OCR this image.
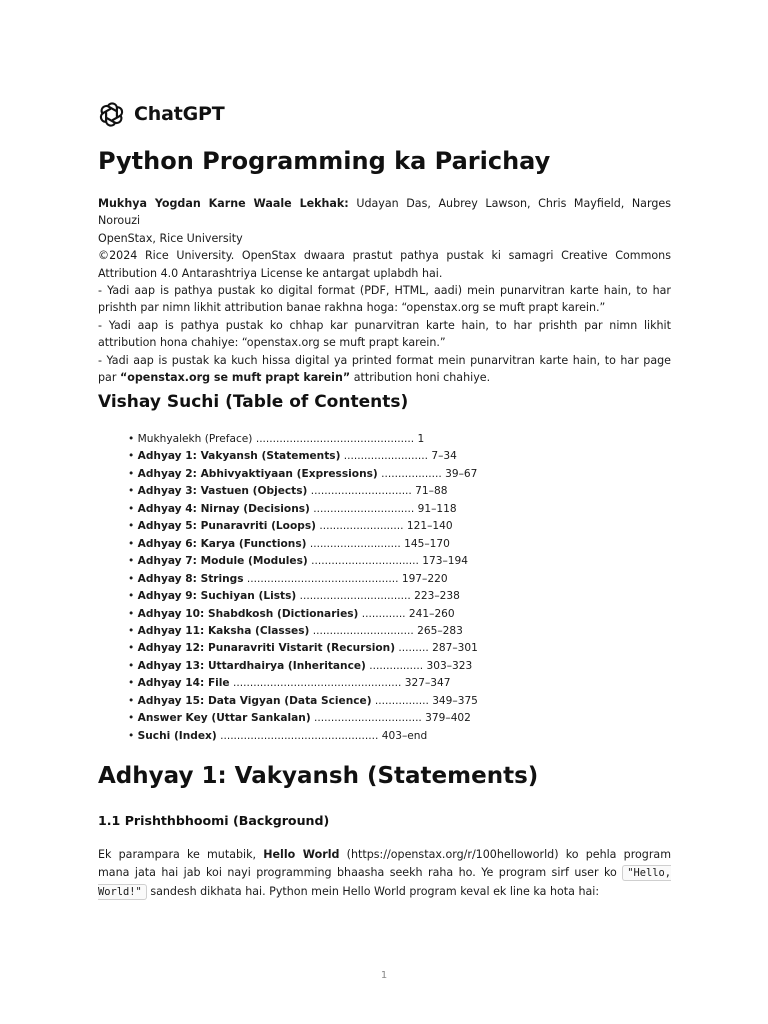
ChatGPT
Python Programming ka Parichay

Mukhya Yogdan Karne Waale Lekhak: Udayan Das, Aubrey Lawson, Chris Mayfield, Narges Norouzi

OpenStax, Rice University

©2024 Rice University. OpenStax dwaara prastut pathya pustak ki samagri Creative Commons Attribution 4.0 Antarashtriya License ke antargat uplabdh hai.

- Yadi aap is pathya pustak ko digital format (PDF, HTML, aadi) mein punarvitran karte hain, to har prishth par nimn likhit attribution banae rakhna hoga: “openstax.org se muft prapt karein.”

- Yadi aap is pathya pustak ko chhap kar punarvitran karte hain, to har prishth par nimn likhit attribution hona chahiye: “openstax.org se muft prapt karein.”

- Yadi aap is pustak ka kuch hissa digital ya printed format mein punarvitran karte hain, to har page par “openstax.org se muft prapt karein” attribution honi chahiye.

Vishay Suchi (Table of Contents)
• Mukhyalekh (Preface) ............................................... 1
• Adhyay 1: Vakyansh (Statements) ......................... 7–34
• Adhyay 2: Abhivyaktiyaan (Expressions) .................. 39–67
• Adhyay 3: Vastuen (Objects) .............................. 71–88
• Adhyay 4: Nirnay (Decisions) .............................. 91–118
• Adhyay 5: Punaravriti (Loops) ......................... 121–140
• Adhyay 6: Karya (Functions) ........................... 145–170
• Adhyay 7: Module (Modules) ................................ 173–194
• Adhyay 8: Strings ............................................. 197–220
• Adhyay 9: Suchiyan (Lists) ................................. 223–238
• Adhyay 10: Shabdkosh (Dictionaries) ............. 241–260
• Adhyay 11: Kaksha (Classes) .............................. 265–283
• Adhyay 12: Punaravriti Vistarit (Recursion) ......... 287–301
• Adhyay 13: Uttardhairya (Inheritance) ................ 303–323
• Adhyay 14: File .................................................. 327–347
• Adhyay 15: Data Vigyan (Data Science) ................ 349–375
• Answer Key (Uttar Sankalan) ................................ 379–402
• Suchi (Index) ............................................... 403–end
Adhyay 1: Vakyansh (Statements)
1.1 Prishthbhoomi (Background)

Ek parampara ke mutabik, Hello World (https://openstax.org/r/100helloworld) ko pehla program mana jata hai jab koi nayi programming bhaasha seekh raha ho. Ye program sirf user ko "Hello, World!" sandesh dikhata hai. Python mein Hello World program keval ek line ka hota hai:

1
